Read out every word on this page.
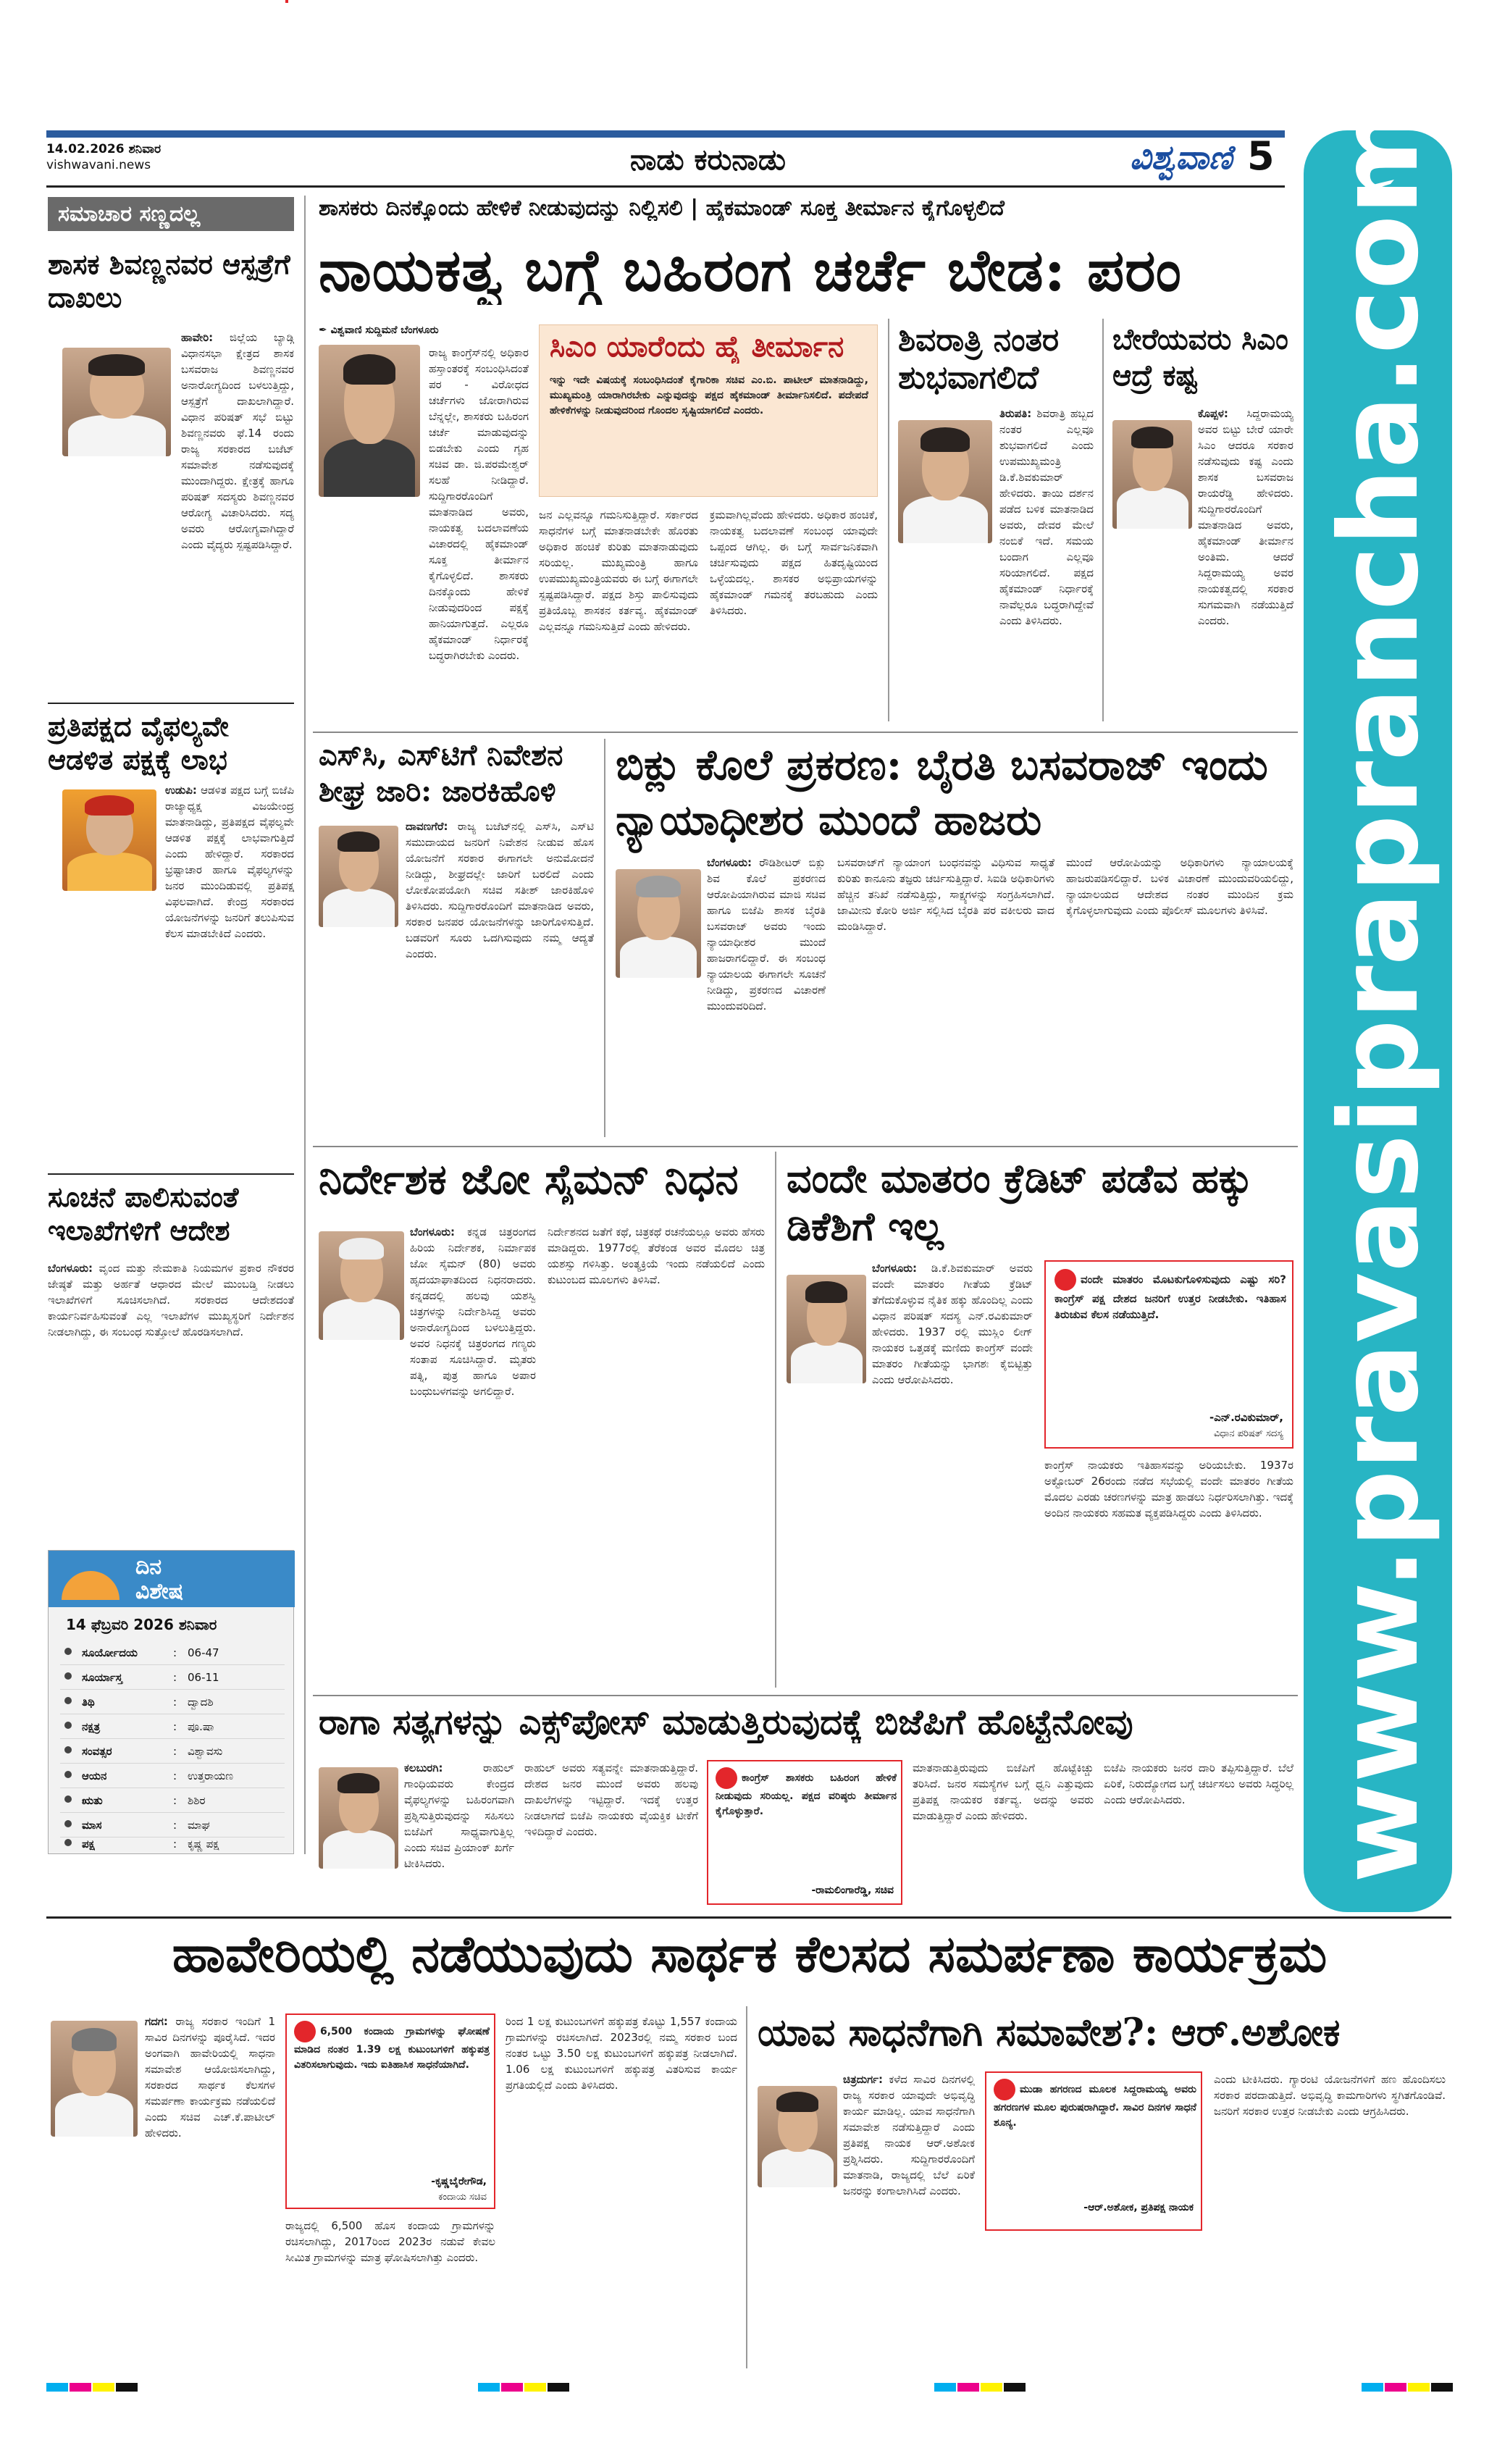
14.02.2026 ಶನಿವಾರ
vishwavani.news	ನಾಡು ಕರುನಾಡು	ವಿಶ್ವವಾಣಿ 5
ಸಮಾಚಾರ ಸಣ್ಣದಲ್ಲ
ಶಾಸಕ ಶಿವಣ್ಣನವರ ಆಸ್ಪತ್ರೆಗೆ ದಾಖಲು
ಹಾವೇರಿ: ಜಿಲ್ಲೆಯ ಬ್ಯಾಡ್ಗಿ ವಿಧಾನಸಭಾ ಕ್ಷೇತ್ರದ ಶಾಸಕ ಬಸವರಾಜ ಶಿವಣ್ಣನವರ ಅನಾರೋಗ್ಯದಿಂದ ಬಳಲುತ್ತಿದ್ದು, ಆಸ್ಪತ್ರೆಗೆ ದಾಖಲಾಗಿದ್ದಾರೆ. ವಿಧಾನ ಪರಿಷತ್ ಸಭೆ ಬಿಟ್ಟು ಶಿವಣ್ಣನವರು ಫೆ.14 ರಂದು ರಾಜ್ಯ ಸರಕಾರದ ಬಜೆಟ್ ಸಮಾವೇಶ ನಡೆಸುವುದಕ್ಕೆ ಮುಂದಾಗಿದ್ದರು. ಕ್ಷೇತ್ರಕ್ಕೆ ಹಾಗೂ ಪರಿಷತ್ ಸದಸ್ಯರು ಶಿವಣ್ಣನವರ ಆರೋಗ್ಯ ವಿಚಾರಿಸಿದರು. ಸದ್ಯ ಅವರು ಆರೋಗ್ಯವಾಗಿದ್ದಾರೆ ಎಂದು ವೈದ್ಯರು ಸ್ಪಷ್ಟಪಡಿಸಿದ್ದಾರೆ.
ಪ್ರತಿಪಕ್ಷದ ವೈಫಲ್ಯವೇ ಆಡಳಿತ ಪಕ್ಷಕ್ಕೆ ಲಾಭ
ಉಡುಪಿ: ಆಡಳಿತ ಪಕ್ಷದ ಬಗ್ಗೆ ಬಿಜೆಪಿ ರಾಜ್ಯಾಧ್ಯಕ್ಷ ವಿಜಯೇಂದ್ರ ಮಾತನಾಡಿದ್ದು, ಪ್ರತಿಪಕ್ಷದ ವೈಫಲ್ಯವೇ ಆಡಳಿತ ಪಕ್ಷಕ್ಕೆ ಲಾಭವಾಗುತ್ತಿದೆ ಎಂದು ಹೇಳಿದ್ದಾರೆ. ಸರಕಾರದ ಭ್ರಷ್ಟಾಚಾರ ಹಾಗೂ ವೈಫಲ್ಯಗಳನ್ನು ಜನರ ಮುಂದಿಡುವಲ್ಲಿ ಪ್ರತಿಪಕ್ಷ ವಿಫಲವಾಗಿದೆ. ಕೇಂದ್ರ ಸರಕಾರದ ಯೋಜನೆಗಳನ್ನು ಜನರಿಗೆ ತಲುಪಿಸುವ ಕೆಲಸ ಮಾಡಬೇಕಿದೆ ಎಂದರು.
ಸೂಚನೆ ಪಾಲಿಸುವಂತೆ ಇಲಾಖೆಗಳಿಗೆ ಆದೇಶ
ಬೆಂಗಳೂರು: ವೃಂದ ಮತ್ತು ನೇಮಕಾತಿ ನಿಯಮಗಳ ಪ್ರಕಾರ ನೌಕರರ ಜೇಷ್ಠತೆ ಮತ್ತು ಅರ್ಹತೆ ಆಧಾರದ ಮೇಲೆ ಮುಂಬಡ್ತಿ ನೀಡಲು ಇಲಾಖೆಗಳಿಗೆ ಸೂಚಿಸಲಾಗಿದೆ. ಸರಕಾರದ ಆದೇಶದಂತೆ ಕಾರ್ಯನಿರ್ವಹಿಸುವಂತೆ ಎಲ್ಲ ಇಲಾಖೆಗಳ ಮುಖ್ಯಸ್ಥರಿಗೆ ನಿರ್ದೇಶನ ನೀಡಲಾಗಿದ್ದು, ಈ ಸಂಬಂಧ ಸುತ್ತೋಲೆ ಹೊರಡಿಸಲಾಗಿದೆ.
ದಿನ
ವಿಶೇಷ
14 ಫೆಬ್ರವರಿ 2026 ಶನಿವಾರ
ಸೂರ್ಯೋದಯ	: 06-47
ಸೂರ್ಯಾಸ್ತ	: 06-11
ತಿಥಿ	: ದ್ವಾದಶಿ
ನಕ್ಷತ್ರ	: ಪೂ.ಷಾ
ಸಂವತ್ಸರ	: ವಿಶ್ವಾವಸು
ಆಯನ	: ಉತ್ತರಾಯಣ
ಋತು	: ಶಿಶಿರ
ಮಾಸ	: ಮಾಘ
ಪಕ್ಷ	: ಕೃಷ್ಣ ಪಕ್ಷ
ಶಾಸಕರು ದಿನಕ್ಕೊಂದು ಹೇಳಿಕೆ ನೀಡುವುದನ್ನು ನಿಲ್ಲಿಸಲಿ | ಹೈಕಮಾಂಡ್ ಸೂಕ್ತ ತೀರ್ಮಾನ ಕೈಗೊಳ್ಳಲಿದೆ
ನಾಯಕತ್ವ ಬಗ್ಗೆ ಬಹಿರಂಗ ಚರ್ಚೆ ಬೇಡ: ಪರಂ
✒ ವಿಶ್ವವಾಣಿ ಸುದ್ದಿಮನೆ ಬೆಂಗಳೂರು
ರಾಜ್ಯ ಕಾಂಗ್ರೆಸ್‌ನಲ್ಲಿ ಅಧಿಕಾರ ಹಸ್ತಾಂತರಕ್ಕೆ ಸಂಬಂಧಿಸಿದಂತೆ ಪರ - ವಿರೋಧದ ಚರ್ಚೆಗಳು ಜೋರಾಗಿರುವ ಬೆನ್ನಲ್ಲೇ, ಶಾಸಕರು ಬಹಿರಂಗ ಚರ್ಚೆ ಮಾಡುವುದನ್ನು ಬಿಡಬೇಕು ಎಂದು ಗೃಹ ಸಚಿವ ಡಾ. ಜಿ.ಪರಮೇಶ್ವರ್ ಸಲಹೆ ನೀಡಿದ್ದಾರೆ. ಸುದ್ದಿಗಾರರೊಂದಿಗೆ ಮಾತನಾಡಿದ ಅವರು, ನಾಯಕತ್ವ ಬದಲಾವಣೆಯ ವಿಚಾರದಲ್ಲಿ ಹೈಕಮಾಂಡ್ ಸೂಕ್ತ ತೀರ್ಮಾನ ಕೈಗೊಳ್ಳಲಿದೆ. ಶಾಸಕರು ದಿನಕ್ಕೊಂದು ಹೇಳಿಕೆ ನೀಡುವುದರಿಂದ ಪಕ್ಷಕ್ಕೆ ಹಾನಿಯಾಗುತ್ತದೆ. ಎಲ್ಲರೂ ಹೈಕಮಾಂಡ್ ನಿರ್ಧಾರಕ್ಕೆ ಬದ್ಧರಾಗಿರಬೇಕು ಎಂದರು.
ಸಿಎಂ ಯಾರೆಂದು ಹೈ ತೀರ್ಮಾನ
ಇನ್ನು ಇದೇ ವಿಷಯಕ್ಕೆ ಸಂಬಂಧಿಸಿದಂತೆ ಕೈಗಾರಿಕಾ ಸಚಿವ ಎಂ.ಬಿ. ಪಾಟೀಲ್ ಮಾತನಾಡಿದ್ದು, ಮುಖ್ಯಮಂತ್ರಿ ಯಾರಾಗಿರಬೇಕು ಎನ್ನುವುದನ್ನು ಪಕ್ಷದ ಹೈಕಮಾಂಡ್ ತೀರ್ಮಾನಿಸಲಿದೆ. ಪದೇಪದೆ ಹೇಳಿಕೆಗಳನ್ನು ನೀಡುವುದರಿಂದ ಗೊಂದಲ ಸೃಷ್ಟಿಯಾಗಲಿದೆ ಎಂದರು.
ಜನ ಎಲ್ಲವನ್ನೂ ಗಮನಿಸುತ್ತಿದ್ದಾರೆ. ಸರ್ಕಾರದ ಸಾಧನೆಗಳ ಬಗ್ಗೆ ಮಾತನಾಡಬೇಕೇ ಹೊರತು ಅಧಿಕಾರ ಹಂಚಿಕೆ ಕುರಿತು ಮಾತನಾಡುವುದು ಸರಿಯಲ್ಲ. ಮುಖ್ಯಮಂತ್ರಿ ಹಾಗೂ ಉಪಮುಖ್ಯಮಂತ್ರಿಯವರು ಈ ಬಗ್ಗೆ ಈಗಾಗಲೇ ಸ್ಪಷ್ಟಪಡಿಸಿದ್ದಾರೆ. ಪಕ್ಷದ ಶಿಸ್ತು ಪಾಲಿಸುವುದು ಪ್ರತಿಯೊಬ್ಬ ಶಾಸಕನ ಕರ್ತವ್ಯ. ಹೈಕಮಾಂಡ್ ಎಲ್ಲವನ್ನೂ ಗಮನಿಸುತ್ತಿದೆ ಎಂದು ಹೇಳಿದರು.
ಕ್ರಮವಾಗಿಲ್ಲವೆಂದು ಹೇಳಿದರು. ಅಧಿಕಾರ ಹಂಚಿಕೆ, ನಾಯಕತ್ವ ಬದಲಾವಣೆ ಸಂಬಂಧ ಯಾವುದೇ ಒಪ್ಪಂದ ಆಗಿಲ್ಲ. ಈ ಬಗ್ಗೆ ಸಾರ್ವಜನಿಕವಾಗಿ ಚರ್ಚಿಸುವುದು ಪಕ್ಷದ ಹಿತದೃಷ್ಟಿಯಿಂದ ಒಳ್ಳೆಯದಲ್ಲ. ಶಾಸಕರ ಅಭಿಪ್ರಾಯಗಳನ್ನು ಹೈಕಮಾಂಡ್ ಗಮನಕ್ಕೆ ತರಬಹುದು ಎಂದು ತಿಳಿಸಿದರು.
ಶಿವರಾತ್ರಿ ನಂತರ ಶುಭವಾಗಲಿದೆ
ತಿರುಪತಿ: ಶಿವರಾತ್ರಿ ಹಬ್ಬದ ನಂತರ ಎಲ್ಲವೂ ಶುಭವಾಗಲಿದೆ ಎಂದು ಉಪಮುಖ್ಯಮಂತ್ರಿ ಡಿ.ಕೆ.ಶಿವಕುಮಾರ್ ಹೇಳಿದರು. ತಾಯಿ ದರ್ಶನ ಪಡೆದ ಬಳಿಕ ಮಾತನಾಡಿದ ಅವರು, ದೇವರ ಮೇಲೆ ನಂಬಿಕೆ ಇದೆ. ಸಮಯ ಬಂದಾಗ ಎಲ್ಲವೂ ಸರಿಯಾಗಲಿದೆ. ಪಕ್ಷದ ಹೈಕಮಾಂಡ್ ನಿರ್ಧಾರಕ್ಕೆ ನಾವೆಲ್ಲರೂ ಬದ್ಧರಾಗಿದ್ದೇವೆ ಎಂದು ತಿಳಿಸಿದರು.
ಬೇರೆಯವರು ಸಿಎಂ ಆದ್ರೆ ಕಷ್ಟ
ಕೊಪ್ಪಳ: ಸಿದ್ದರಾಮಯ್ಯ ಅವರ ಬಿಟ್ಟು ಬೇರೆ ಯಾರೇ ಸಿಎಂ ಆದರೂ ಸರಕಾರ ನಡೆಸುವುದು ಕಷ್ಟ ಎಂದು ಶಾಸಕ ಬಸವರಾಜ ರಾಯರೆಡ್ಡಿ ಹೇಳಿದರು. ಸುದ್ದಿಗಾರರೊಂದಿಗೆ ಮಾತನಾಡಿದ ಅವರು, ಹೈಕಮಾಂಡ್ ತೀರ್ಮಾನ ಅಂತಿಮ. ಆದರೆ ಸಿದ್ದರಾಮಯ್ಯ ಅವರ ನಾಯಕತ್ವದಲ್ಲಿ ಸರಕಾರ ಸುಗಮವಾಗಿ ನಡೆಯುತ್ತಿದೆ ಎಂದರು.
ಎಸ್‌ಸಿ, ಎಸ್‌ಟಿಗೆ ನಿವೇಶನ ಶೀಘ್ರ ಜಾರಿ: ಜಾರಕಿಹೊಳಿ
ದಾವಣಗೆರೆ: ರಾಜ್ಯ ಬಜೆಟ್‌ನಲ್ಲಿ ಎಸ್‌ಸಿ, ಎಸ್‌ಟಿ ಸಮುದಾಯದ ಜನರಿಗೆ ನಿವೇಶನ ನೀಡುವ ಹೊಸ ಯೋಜನೆಗೆ ಸರಕಾರ ಈಗಾಗಲೇ ಅನುಮೋದನೆ ನೀಡಿದ್ದು, ಶೀಘ್ರದಲ್ಲೇ ಜಾರಿಗೆ ಬರಲಿದೆ ಎಂದು ಲೋಕೋಪಯೋಗಿ ಸಚಿವ ಸತೀಶ್ ಜಾರಕಿಹೊಳಿ ತಿಳಿಸಿದರು. ಸುದ್ದಿಗಾರರೊಂದಿಗೆ ಮಾತನಾಡಿದ ಅವರು, ಸರಕಾರ ಜನಪರ ಯೋಜನೆಗಳನ್ನು ಜಾರಿಗೊಳಿಸುತ್ತಿದೆ. ಬಡವರಿಗೆ ಸೂರು ಒದಗಿಸುವುದು ನಮ್ಮ ಆದ್ಯತೆ ಎಂದರು.
ಬಿಕ್ಲು ಕೊಲೆ ಪ್ರಕರಣ: ಬೈರತಿ ಬಸವರಾಜ್ ಇಂದು ನ್ಯಾಯಾಧೀಶರ ಮುಂದೆ ಹಾಜರು
ಬೆಂಗಳೂರು: ರೌಡಿಶೀಟರ್ ಬಿಕ್ಲು ಶಿವ ಕೊಲೆ ಪ್ರಕರಣದ ಆರೋಪಿಯಾಗಿರುವ ಮಾಜಿ ಸಚಿವ ಹಾಗೂ ಬಿಜೆಪಿ ಶಾಸಕ ಬೈರತಿ ಬಸವರಾಜ್ ಅವರು ಇಂದು ನ್ಯಾಯಾಧೀಶರ ಮುಂದೆ ಹಾಜರಾಗಲಿದ್ದಾರೆ. ಈ ಸಂಬಂಧ ನ್ಯಾಯಾಲಯ ಈಗಾಗಲೇ ಸೂಚನೆ ನೀಡಿದ್ದು, ಪ್ರಕರಣದ ವಿಚಾರಣೆ ಮುಂದುವರಿದಿದೆ.
ಬಸವರಾಜ್‌ಗೆ ನ್ಯಾಯಾಂಗ ಬಂಧನವನ್ನು ವಿಧಿಸುವ ಸಾಧ್ಯತೆ ಕುರಿತು ಕಾನೂನು ತಜ್ಞರು ಚರ್ಚಿಸುತ್ತಿದ್ದಾರೆ. ಸಿಐಡಿ ಅಧಿಕಾರಿಗಳು ಹೆಚ್ಚಿನ ತನಿಖೆ ನಡೆಸುತ್ತಿದ್ದು, ಸಾಕ್ಷ್ಯಗಳನ್ನು ಸಂಗ್ರಹಿಸಲಾಗಿದೆ. ಜಾಮೀನು ಕೋರಿ ಅರ್ಜಿ ಸಲ್ಲಿಸಿದ ಬೈರತಿ ಪರ ವಕೀಲರು ವಾದ ಮಂಡಿಸಿದ್ದಾರೆ.
ಮುಂದೆ ಆರೋಪಿಯನ್ನು ಅಧಿಕಾರಿಗಳು ನ್ಯಾಯಾಲಯಕ್ಕೆ ಹಾಜರುಪಡಿಸಲಿದ್ದಾರೆ. ಬಳಿಕ ವಿಚಾರಣೆ ಮುಂದುವರಿಯಲಿದ್ದು, ನ್ಯಾಯಾಲಯದ ಆದೇಶದ ನಂತರ ಮುಂದಿನ ಕ್ರಮ ಕೈಗೊಳ್ಳಲಾಗುವುದು ಎಂದು ಪೊಲೀಸ್ ಮೂಲಗಳು ತಿಳಿಸಿವೆ.
ನಿರ್ದೇಶಕ ಜೋ ಸೈಮನ್ ನಿಧನ
ಬೆಂಗಳೂರು: ಕನ್ನಡ ಚಿತ್ರರಂಗದ ಹಿರಿಯ ನಿರ್ದೇಶಕ, ನಿರ್ಮಾಪಕ ಜೋ ಸೈಮನ್ (80) ಅವರು ಹೃದಯಾಘಾತದಿಂದ ನಿಧನರಾದರು. ಕನ್ನಡದಲ್ಲಿ ಹಲವು ಯಶಸ್ವಿ ಚಿತ್ರಗಳನ್ನು ನಿರ್ದೇಶಿಸಿದ್ದ ಅವರು ಅನಾರೋಗ್ಯದಿಂದ ಬಳಲುತ್ತಿದ್ದರು. ಅವರ ನಿಧನಕ್ಕೆ ಚಿತ್ರರಂಗದ ಗಣ್ಯರು ಸಂತಾಪ ಸೂಚಿಸಿದ್ದಾರೆ. ಮೃತರು ಪತ್ನಿ, ಪುತ್ರ ಹಾಗೂ ಅಪಾರ ಬಂಧುಬಳಗವನ್ನು ಅಗಲಿದ್ದಾರೆ.
ನಿರ್ದೇಶನದ ಜತೆಗೆ ಕಥೆ, ಚಿತ್ರಕಥೆ ರಚನೆಯಲ್ಲೂ ಅವರು ಹೆಸರು ಮಾಡಿದ್ದರು. 1977ರಲ್ಲಿ ತೆರೆಕಂಡ ಅವರ ಮೊದಲ ಚಿತ್ರ ಯಶಸ್ಸು ಗಳಿಸಿತ್ತು. ಅಂತ್ಯಕ್ರಿಯೆ ಇಂದು ನಡೆಯಲಿದೆ ಎಂದು ಕುಟುಂಬದ ಮೂಲಗಳು ತಿಳಿಸಿವೆ.
ವಂದೇ ಮಾತರಂ ಕ್ರೆಡಿಟ್ ಪಡೆವ ಹಕ್ಕು ಡಿಕೆಶಿಗೆ ಇಲ್ಲ
ಬೆಂಗಳೂರು: ಡಿ.ಕೆ.ಶಿವಕುಮಾರ್ ಅವರು ವಂದೇ ಮಾತರಂ ಗೀತೆಯ ಕ್ರೆಡಿಟ್ ತೆಗೆದುಕೊಳ್ಳುವ ನೈತಿಕ ಹಕ್ಕು ಹೊಂದಿಲ್ಲ ಎಂದು ವಿಧಾನ ಪರಿಷತ್ ಸದಸ್ಯ ಎನ್.ರವಿಕುಮಾರ್ ಹೇಳಿದರು. 1937 ರಲ್ಲಿ ಮುಸ್ಲಿಂ ಲೀಗ್ ನಾಯಕರ ಒತ್ತಡಕ್ಕೆ ಮಣಿದು ಕಾಂಗ್ರೆಸ್ ವಂದೇ ಮಾತರಂ ಗೀತೆಯನ್ನು ಭಾಗಶಃ ಕೈಬಿಟ್ಟಿತ್ತು ಎಂದು ಆರೋಪಿಸಿದರು.
ವಂದೇ ಮಾತರಂ ಮೊಟಕುಗೊಳಿಸುವುದು ಎಷ್ಟು ಸರಿ? ಕಾಂಗ್ರೆಸ್ ಪಕ್ಷ ದೇಶದ ಜನರಿಗೆ ಉತ್ತರ ನೀಡಬೇಕು. ಇತಿಹಾಸ ತಿರುಚುವ ಕೆಲಸ ನಡೆಯುತ್ತಿದೆ.
-ಎನ್.ರವಿಕುಮಾರ್,
ವಿಧಾನ ಪರಿಷತ್ ಸದಸ್ಯ
ಕಾಂಗ್ರೆಸ್ ನಾಯಕರು ಇತಿಹಾಸವನ್ನು ಅರಿಯಬೇಕು. 1937ರ ಅಕ್ಟೋಬರ್ 26ರಂದು ನಡೆದ ಸಭೆಯಲ್ಲಿ ವಂದೇ ಮಾತರಂ ಗೀತೆಯ ಮೊದಲ ಎರಡು ಚರಣಗಳನ್ನು ಮಾತ್ರ ಹಾಡಲು ನಿರ್ಧರಿಸಲಾಗಿತ್ತು. ಇದಕ್ಕೆ ಅಂದಿನ ನಾಯಕರು ಸಹಮತ ವ್ಯಕ್ತಪಡಿಸಿದ್ದರು ಎಂದು ತಿಳಿಸಿದರು.
ರಾಗಾ ಸತ್ಯಗಳನ್ನು ಎಕ್ಸ್‌ಪೋಸ್ ಮಾಡುತ್ತಿರುವುದಕ್ಕೆ ಬಿಜೆಪಿಗೆ ಹೊಟ್ಟೆನೋವು
ಕಲಬುರಗಿ:	ರಾಹುಲ್ ಗಾಂಧಿಯವರು ಕೇಂದ್ರದ ವೈಫಲ್ಯಗಳನ್ನು ಬಹಿರಂಗವಾಗಿ ಪ್ರಶ್ನಿಸುತ್ತಿರುವುದನ್ನು ಸಹಿಸಲು ಬಿಜೆಪಿಗೆ ಸಾಧ್ಯವಾಗುತ್ತಿಲ್ಲ ಎಂದು ಸಚಿವ ಪ್ರಿಯಾಂಕ್ ಖರ್ಗೆ ಟೀಕಿಸಿದರು.
ರಾಹುಲ್ ಅವರು ಸತ್ಯವನ್ನೇ ಮಾತನಾಡುತ್ತಿದ್ದಾರೆ. ದೇಶದ ಜನರ ಮುಂದೆ ಅವರು ಹಲವು ದಾಖಲೆಗಳನ್ನು ಇಟ್ಟಿದ್ದಾರೆ. ಇದಕ್ಕೆ ಉತ್ತರ ನೀಡಲಾಗದೆ ಬಿಜೆಪಿ ನಾಯಕರು ವೈಯಕ್ತಿಕ ಟೀಕೆಗೆ ಇಳಿದಿದ್ದಾರೆ ಎಂದರು.
ಕಾಂಗ್ರೆಸ್ ಶಾಸಕರು ಬಹಿರಂಗ ಹೇಳಿಕೆ ನೀಡುವುದು ಸರಿಯಲ್ಲ. ಪಕ್ಷದ ವರಿಷ್ಠರು ತೀರ್ಮಾನ ಕೈಗೊಳ್ಳುತ್ತಾರೆ.
-ರಾಮಲಿಂಗಾರೆಡ್ಡಿ, ಸಚಿವ
ಮಾತನಾಡುತ್ತಿರುವುದು ಬಿಜೆಪಿಗೆ ಹೊಟ್ಟೆಕಿಚ್ಚು ತರಿಸಿದೆ. ಜನರ ಸಮಸ್ಯೆಗಳ ಬಗ್ಗೆ ಧ್ವನಿ ಎತ್ತುವುದು ಪ್ರತಿಪಕ್ಷ ನಾಯಕರ ಕರ್ತವ್ಯ. ಅದನ್ನು ಅವರು ಮಾಡುತ್ತಿದ್ದಾರೆ ಎಂದು ಹೇಳಿದರು.
ಬಿಜೆಪಿ ನಾಯಕರು ಜನರ ದಾರಿ ತಪ್ಪಿಸುತ್ತಿದ್ದಾರೆ. ಬೆಲೆ ಏರಿಕೆ, ನಿರುದ್ಯೋಗದ ಬಗ್ಗೆ ಚರ್ಚಿಸಲು ಅವರು ಸಿದ್ಧರಿಲ್ಲ ಎಂದು ಆರೋಪಿಸಿದರು.	www.pravasipraprancha.com
ಹಾವೇರಿಯಲ್ಲಿ ನಡೆಯುವುದು ಸಾರ್ಥಕ ಕೆಲಸದ ಸಮರ್ಪಣಾ ಕಾರ್ಯಕ್ರಮ
ಗದಗ: ರಾಜ್ಯ ಸರಕಾರ ಇಂದಿಗೆ 1 ಸಾವಿರ ದಿನಗಳನ್ನು ಪೂರೈಸಿದೆ. ಇದರ ಅಂಗವಾಗಿ ಹಾವೇರಿಯಲ್ಲಿ ಸಾಧನಾ ಸಮಾವೇಶ ಆಯೋಜಿಸಲಾಗಿದ್ದು, ಸರಕಾರದ ಸಾರ್ಥಕ ಕೆಲಸಗಳ ಸಮರ್ಪಣಾ ಕಾರ್ಯಕ್ರಮ ನಡೆಯಲಿದೆ ಎಂದು ಸಚಿವ ಎಚ್.ಕೆ.ಪಾಟೀಲ್ ಹೇಳಿದರು.
6,500 ಕಂದಾಯ ಗ್ರಾಮಗಳನ್ನು ಘೋಷಣೆ ಮಾಡಿದ ನಂತರ 1.39 ಲಕ್ಷ ಕುಟುಂಬಗಳಿಗೆ ಹಕ್ಕುಪತ್ರ ವಿತರಿಸಲಾಗುವುದು. ಇದು ಐತಿಹಾಸಿಕ ಸಾಧನೆಯಾಗಿದೆ.
-ಕೃಷ್ಣಬೈರೇಗೌಡ,
ಕಂದಾಯ ಸಚಿವ
ರಾಜ್ಯದಲ್ಲಿ 6,500 ಹೊಸ ಕಂದಾಯ ಗ್ರಾಮಗಳನ್ನು ರಚಿಸಲಾಗಿದ್ದು, 2017ರಿಂದ 2023ರ ನಡುವೆ ಕೇವಲ ಸೀಮಿತ ಗ್ರಾಮಗಳನ್ನು ಮಾತ್ರ ಘೋಷಿಸಲಾಗಿತ್ತು ಎಂದರು.
ರಿಂದ 1 ಲಕ್ಷ ಕುಟುಂಬಗಳಿಗೆ ಹಕ್ಕುಪತ್ರ ಕೊಟ್ಟು 1,557 ಕಂದಾಯ ಗ್ರಾಮಗಳನ್ನು ರಚಿಸಲಾಗಿದೆ. 2023ರಲ್ಲಿ ನಮ್ಮ ಸರಕಾರ ಬಂದ ನಂತರ ಒಟ್ಟು 3.50 ಲಕ್ಷ ಕುಟುಂಬಗಳಿಗೆ ಹಕ್ಕುಪತ್ರ ನೀಡಲಾಗಿದೆ. 1.06 ಲಕ್ಷ ಕುಟುಂಬಗಳಿಗೆ ಹಕ್ಕುಪತ್ರ ವಿತರಿಸುವ ಕಾರ್ಯ ಪ್ರಗತಿಯಲ್ಲಿದೆ ಎಂದು ತಿಳಿಸಿದರು.
ಯಾವ ಸಾಧನೆಗಾಗಿ ಸಮಾವೇಶ?: ಆರ್.ಅಶೋಕ
ಚಿತ್ರದುರ್ಗ: ಕಳೆದ ಸಾವಿರ ದಿನಗಳಲ್ಲಿ ರಾಜ್ಯ ಸರಕಾರ ಯಾವುದೇ ಅಭಿವೃದ್ಧಿ ಕಾರ್ಯ ಮಾಡಿಲ್ಲ. ಯಾವ ಸಾಧನೆಗಾಗಿ ಸಮಾವೇಶ ನಡೆಸುತ್ತಿದ್ದಾರೆ ಎಂದು ಪ್ರತಿಪಕ್ಷ ನಾಯಕ ಆರ್.ಅಶೋಕ ಪ್ರಶ್ನಿಸಿದರು. ಸುದ್ದಿಗಾರರೊಂದಿಗೆ ಮಾತನಾಡಿ, ರಾಜ್ಯದಲ್ಲಿ ಬೆಲೆ ಏರಿಕೆ ಜನರನ್ನು ಕಂಗಾಲಾಗಿಸಿದೆ ಎಂದರು.
ಮುಡಾ ಹಗರಣದ ಮೂಲಕ ಸಿದ್ದರಾಮಯ್ಯ ಅವರು ಹಗರಣಗಳ ಮೂಲ ಪುರುಷರಾಗಿದ್ದಾರೆ. ಸಾವಿರ ದಿನಗಳ ಸಾಧನೆ ಶೂನ್ಯ.
-ಆರ್.ಅಶೋಕ, ಪ್ರತಿಪಕ್ಷ ನಾಯಕ
ಎಂದು ಟೀಕಿಸಿದರು. ಗ್ಯಾರಂಟಿ ಯೋಜನೆಗಳಿಗೆ ಹಣ ಹೊಂದಿಸಲು ಸರಕಾರ ಪರದಾಡುತ್ತಿದೆ. ಅಭಿವೃದ್ಧಿ ಕಾಮಗಾರಿಗಳು ಸ್ಥಗಿತಗೊಂಡಿವೆ. ಜನರಿಗೆ ಸರಕಾರ ಉತ್ತರ ನೀಡಬೇಕು ಎಂದು ಆಗ್ರಹಿಸಿದರು.
